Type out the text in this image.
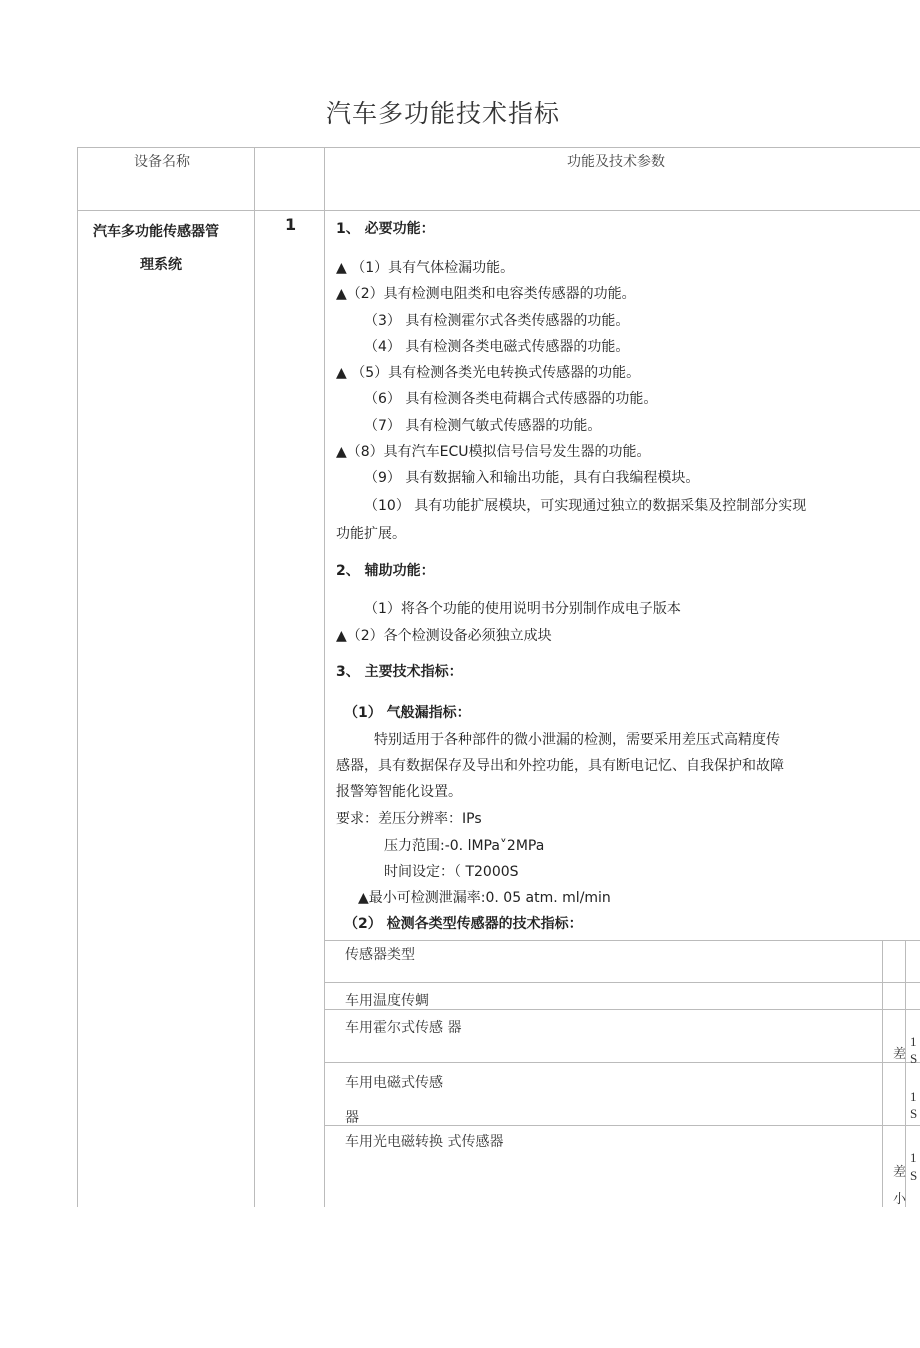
汽车多功能技术指标
设备名称	功能及技术参数
汽车多功能传感器管
理系统
1	1、 必要功能：
▲ （1）具有气体检漏功能。
▲（2）具有检测电阻类和电容类传感器的功能。
（3） 具有检测霍尔式各类传感器的功能。
（4） 具有检测各类电磁式传感器的功能。
▲ （5）具有检测各类光电转换式传感器的功能。
（6） 具有检测各类电荷耦合式传感器的功能。
（7） 具有检测气敏式传感器的功能。
▲（8）具有汽车ECU模拟信号信号发生器的功能。
（9） 具有数据输入和输出功能，具有白我编程模块。
（10） 具有功能扩展模块，可实现通过独立的数据采集及控制部分实现
功能扩展。
2、 辅助功能：
（1）将各个功能的使用说明书分别制作成电子版本
▲（2）各个检测设备必须独立成块
3、 主要技术指标：
（1） 气般漏指标：
特别适用于各种部件的微小泄漏的检测，需要采用差压式高精度传
感器，具有数据保存及导出和外控功能，具有断电记忆、自我保护和故障
报警筹智能化设置。
要求：差压分辨率：IPs
压力范围:-0. lMPa˅2MPa
时间设定：（ T2000S
▲最小可检测泄漏率:0. 05 atm. ml/min
（2） 检测各类型传感器的技术指标：
传感器类型
车用温度传蜩
车用霍尔式传感 器
车用电磁式传感
器
车用光电磁转换 式传感器
差
1
S
1
S
差
1
S
小
